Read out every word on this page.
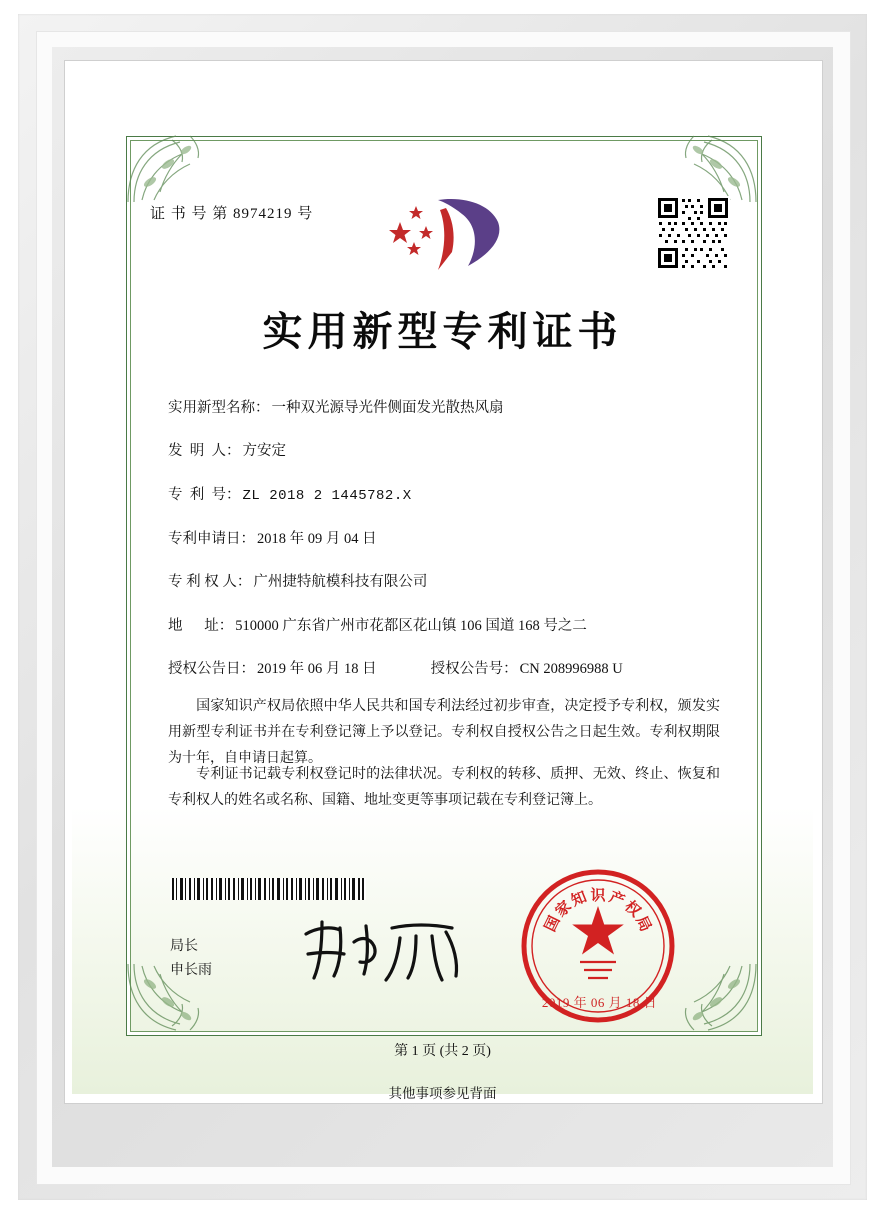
证 书 号 第 8974219 号
实用新型专利证书
实用新型名称： 一种双光源导光件侧面发光散热风扇
发  明  人： 方安定
专  利  号： ZL 2018 2 1445782.X
专利申请日： 2018 年 09 月 04 日
专 利 权 人： 广州捷特航模科技有限公司
地      址： 510000 广东省广州市花都区花山镇 106 国道 168 号之二
授权公告日： 2019 年 06 月 18 日	授权公告号： CN 208996988 U
国家知识产权局依照中华人民共和国专利法经过初步审查，决定授予专利权，颁发实用新型专利证书并在专利登记簿上予以登记。专利权自授权公告之日起生效。专利权期限为十年，自申请日起算。
专利证书记载专利权登记时的法律状况。专利权的转移、质押、无效、终止、恢复和专利权人的姓名或名称、国籍、地址变更等事项记载在专利登记簿上。
局长
申长雨
国
家
知 识 产
权
局
2019 年 06 月 18 日
第 1 页 (共 2 页)
其他事项参见背面
